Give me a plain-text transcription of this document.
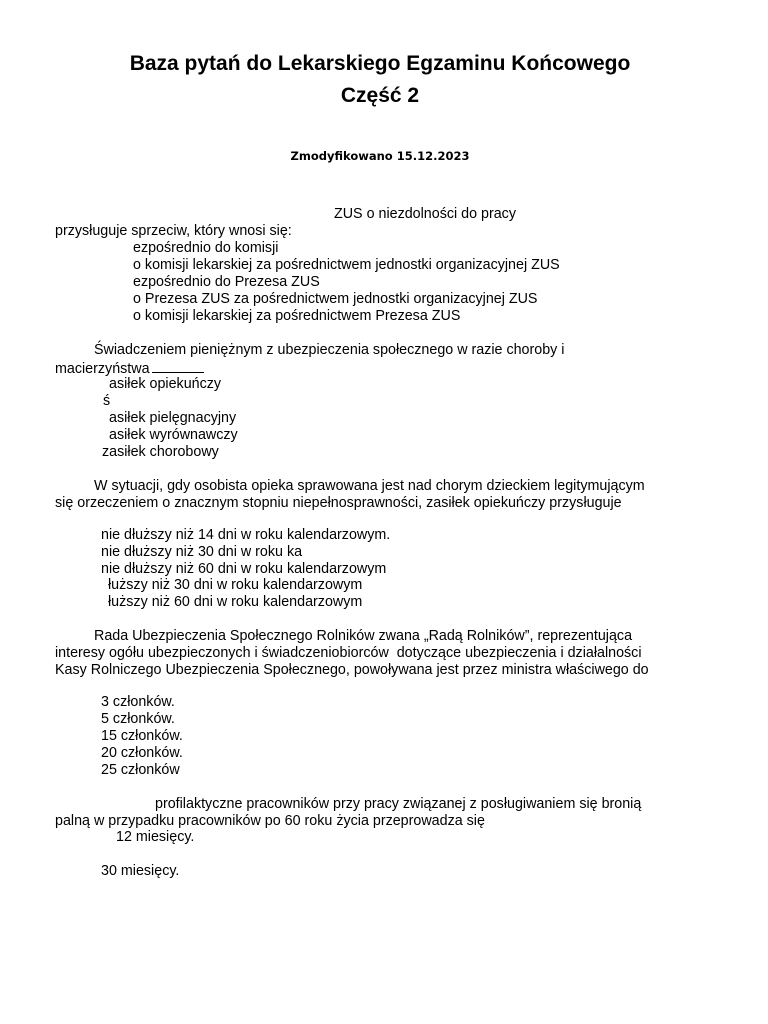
Baza pytań do Lekarskiego Egzaminu Końcowego
Część 2
Zmodyfikowano 15.12.2023
ZUS o niezdolności do pracy
przysługuje sprzeciw, który wnosi się:
ezpośrednio do komisji
o komisji lekarskiej za pośrednictwem jednostki organizacyjnej ZUS
ezpośrednio do Prezesa ZUS
o Prezesa ZUS za pośrednictwem jednostki organizacyjnej ZUS
o komisji lekarskiej za pośrednictwem Prezesa ZUS
Świadczeniem pieniężnym z ubezpieczenia społecznego w razie choroby i
macierzyństwa
asiłek opiekuńczy
ś
asiłek pielęgnacyjny
asiłek wyrównawczy
zasiłek chorobowy
W sytuacji, gdy osobista opieka sprawowana jest nad chorym dzieckiem legitymującym
się orzeczeniem o znacznym stopniu niepełnosprawności, zasiłek opiekuńczy przysługuje
nie dłuższy niż 14 dni w roku kalendarzowym.
nie dłuższy niż 30 dni w roku ka
nie dłuższy niż 60 dni w roku kalendarzowym
łuższy niż 30 dni w roku kalendarzowym
łuższy niż 60 dni w roku kalendarzowym
Rada Ubezpieczenia Społecznego Rolników zwana „Radą Rolników”, reprezentująca
interesy ogółu ubezpieczonych i świadczeniobiorców  dotyczące ubezpieczenia i działalności
Kasy Rolniczego Ubezpieczenia Społecznego, powoływana jest przez ministra właściwego do
3 członków.
5 członków.
15 członków.
20 członków.
25 członków
profilaktyczne pracowników przy pracy związanej z posługiwaniem się bronią
palną w przypadku pracowników po 60 roku życia przeprowadza się
12 miesięcy.
30 miesięcy.
